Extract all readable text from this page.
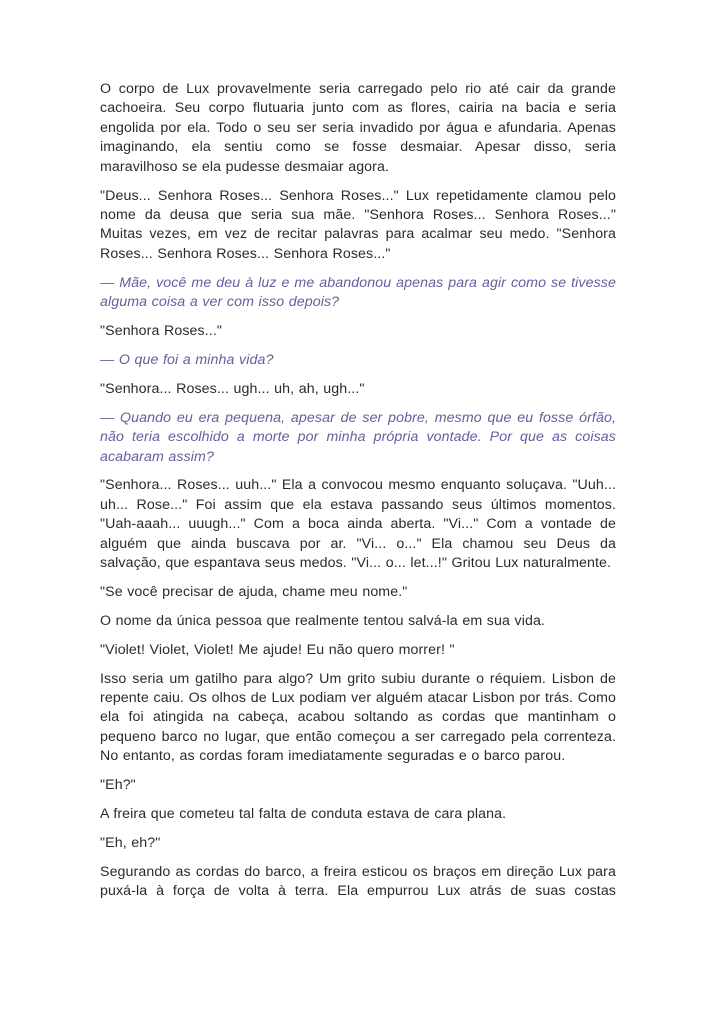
O corpo de Lux provavelmente seria carregado pelo rio até cair da grande cachoeira. Seu corpo flutuaria junto com as flores, cairia na bacia e seria engolida por ela. Todo o seu ser seria invadido por água e afundaria. Apenas imaginando, ela sentiu como se fosse desmaiar. Apesar disso, seria maravilhoso se ela pudesse desmaiar agora.

"Deus... Senhora Roses... Senhora Roses..." Lux repetidamente clamou pelo nome da deusa que seria sua mãe. "Senhora Roses... Senhora Roses..." Muitas vezes, em vez de recitar palavras para acalmar seu medo. "Senhora Roses... Senhora Roses... Senhora Roses..."

— Mãe, você me deu à luz e me abandonou apenas para agir como se tivesse alguma coisa a ver com isso depois?

"Senhora Roses..."

— O que foi a minha vida?

"Senhora... Roses... ugh... uh, ah, ugh..."

— Quando eu era pequena, apesar de ser pobre, mesmo que eu fosse órfão, não teria escolhido a morte por minha própria vontade. Por que as coisas acabaram assim?

"Senhora... Roses... uuh..." Ela a convocou mesmo enquanto soluçava. "Uuh... uh... Rose..." Foi assim que ela estava passando seus últimos momentos. "Uah-aaah... uuugh..." Com a boca ainda aberta. "Vi..." Com a vontade de alguém que ainda buscava por ar. "Vi... o..." Ela chamou seu Deus da salvação, que espantava seus medos. "Vi... o... let...!" Gritou Lux naturalmente.

"Se você precisar de ajuda, chame meu nome."

O nome da única pessoa que realmente tentou salvá-la em sua vida.

"Violet! Violet, Violet! Me ajude! Eu não quero morrer! "

Isso seria um gatilho para algo? Um grito subiu durante o réquiem. Lisbon de repente caiu. Os olhos de Lux podiam ver alguém atacar Lisbon por trás. Como ela foi atingida na cabeça, acabou soltando as cordas que mantinham o pequeno barco no lugar, que então começou a ser carregado pela correnteza. No entanto, as cordas foram imediatamente seguradas e o barco parou.

"Eh?"

A freira que cometeu tal falta de conduta estava de cara plana.

"Eh, eh?"

Segurando as cordas do barco, a freira esticou os braços em direção Lux para puxá-la à força de volta à terra. Ela empurrou Lux atrás de suas costas
